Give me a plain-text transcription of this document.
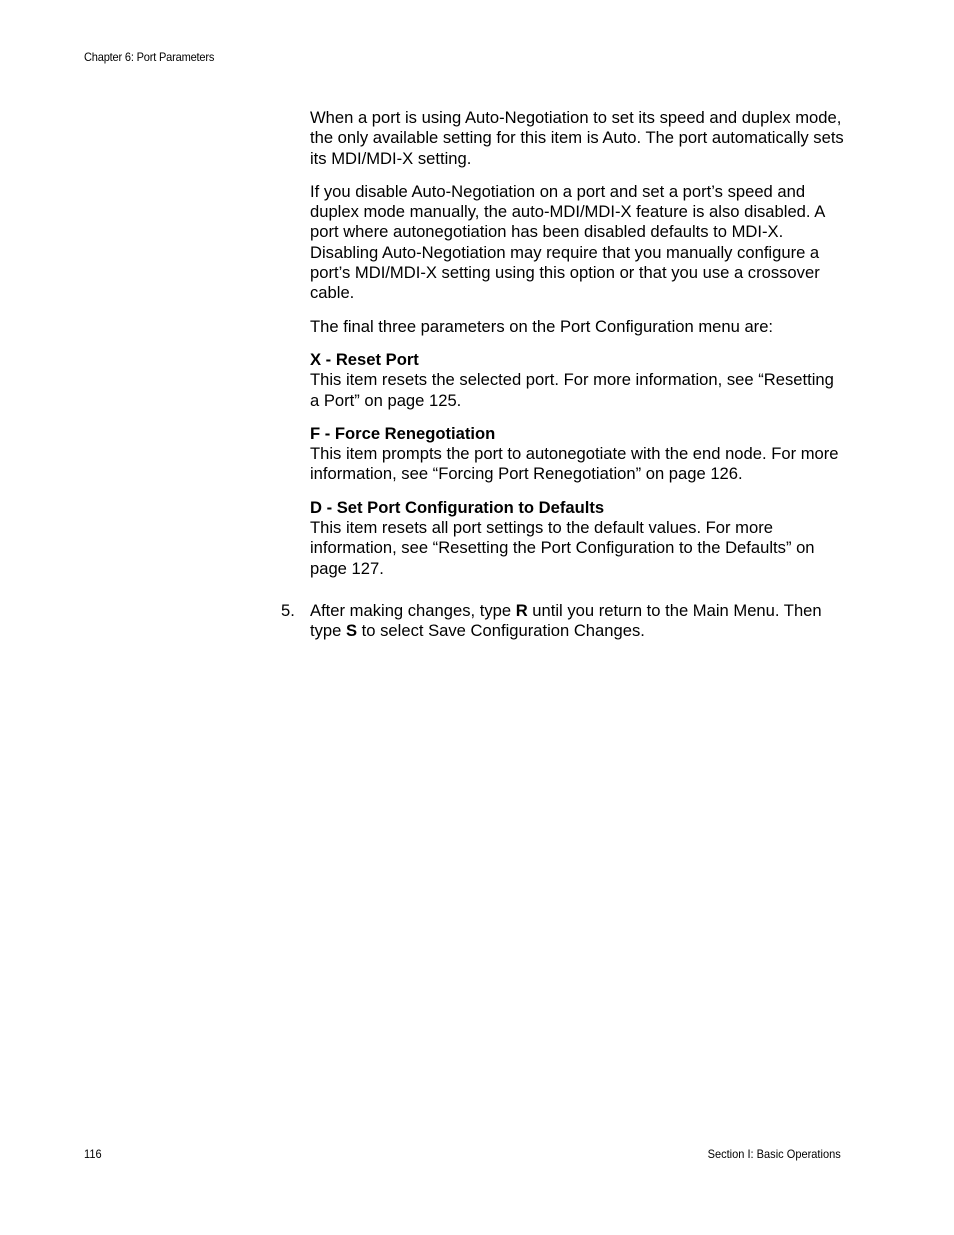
Chapter 6: Port Parameters

When a port is using Auto-Negotiation to set its speed and duplex mode, the only available setting for this item is Auto. The port automatically sets its MDI/MDI-X setting.

If you disable Auto-Negotiation on a port and set a port’s speed and duplex mode manually, the auto-MDI/MDI-X feature is also disabled. A port where autonegotiation has been disabled defaults to MDI-X. Disabling Auto-Negotiation may require that you manually configure a port’s MDI/MDI-X setting using this option or that you use a crossover cable.

The final three parameters on the Port Configuration menu are:

X - Reset Port
This item resets the selected port. For more information, see “Resetting a Port” on page 125.
F - Force Renegotiation
This item prompts the port to autonegotiate with the end node. For more information, see “Forcing Port Renegotiation” on page 126.
D - Set Port Configuration to Defaults
This item resets all port settings to the default values. For more information, see “Resetting the Port Configuration to the Defaults” on page 127.
5. After making changes, type R until you return to the Main Menu. Then type S to select Save Configuration Changes.
116	Section I: Basic Operations
